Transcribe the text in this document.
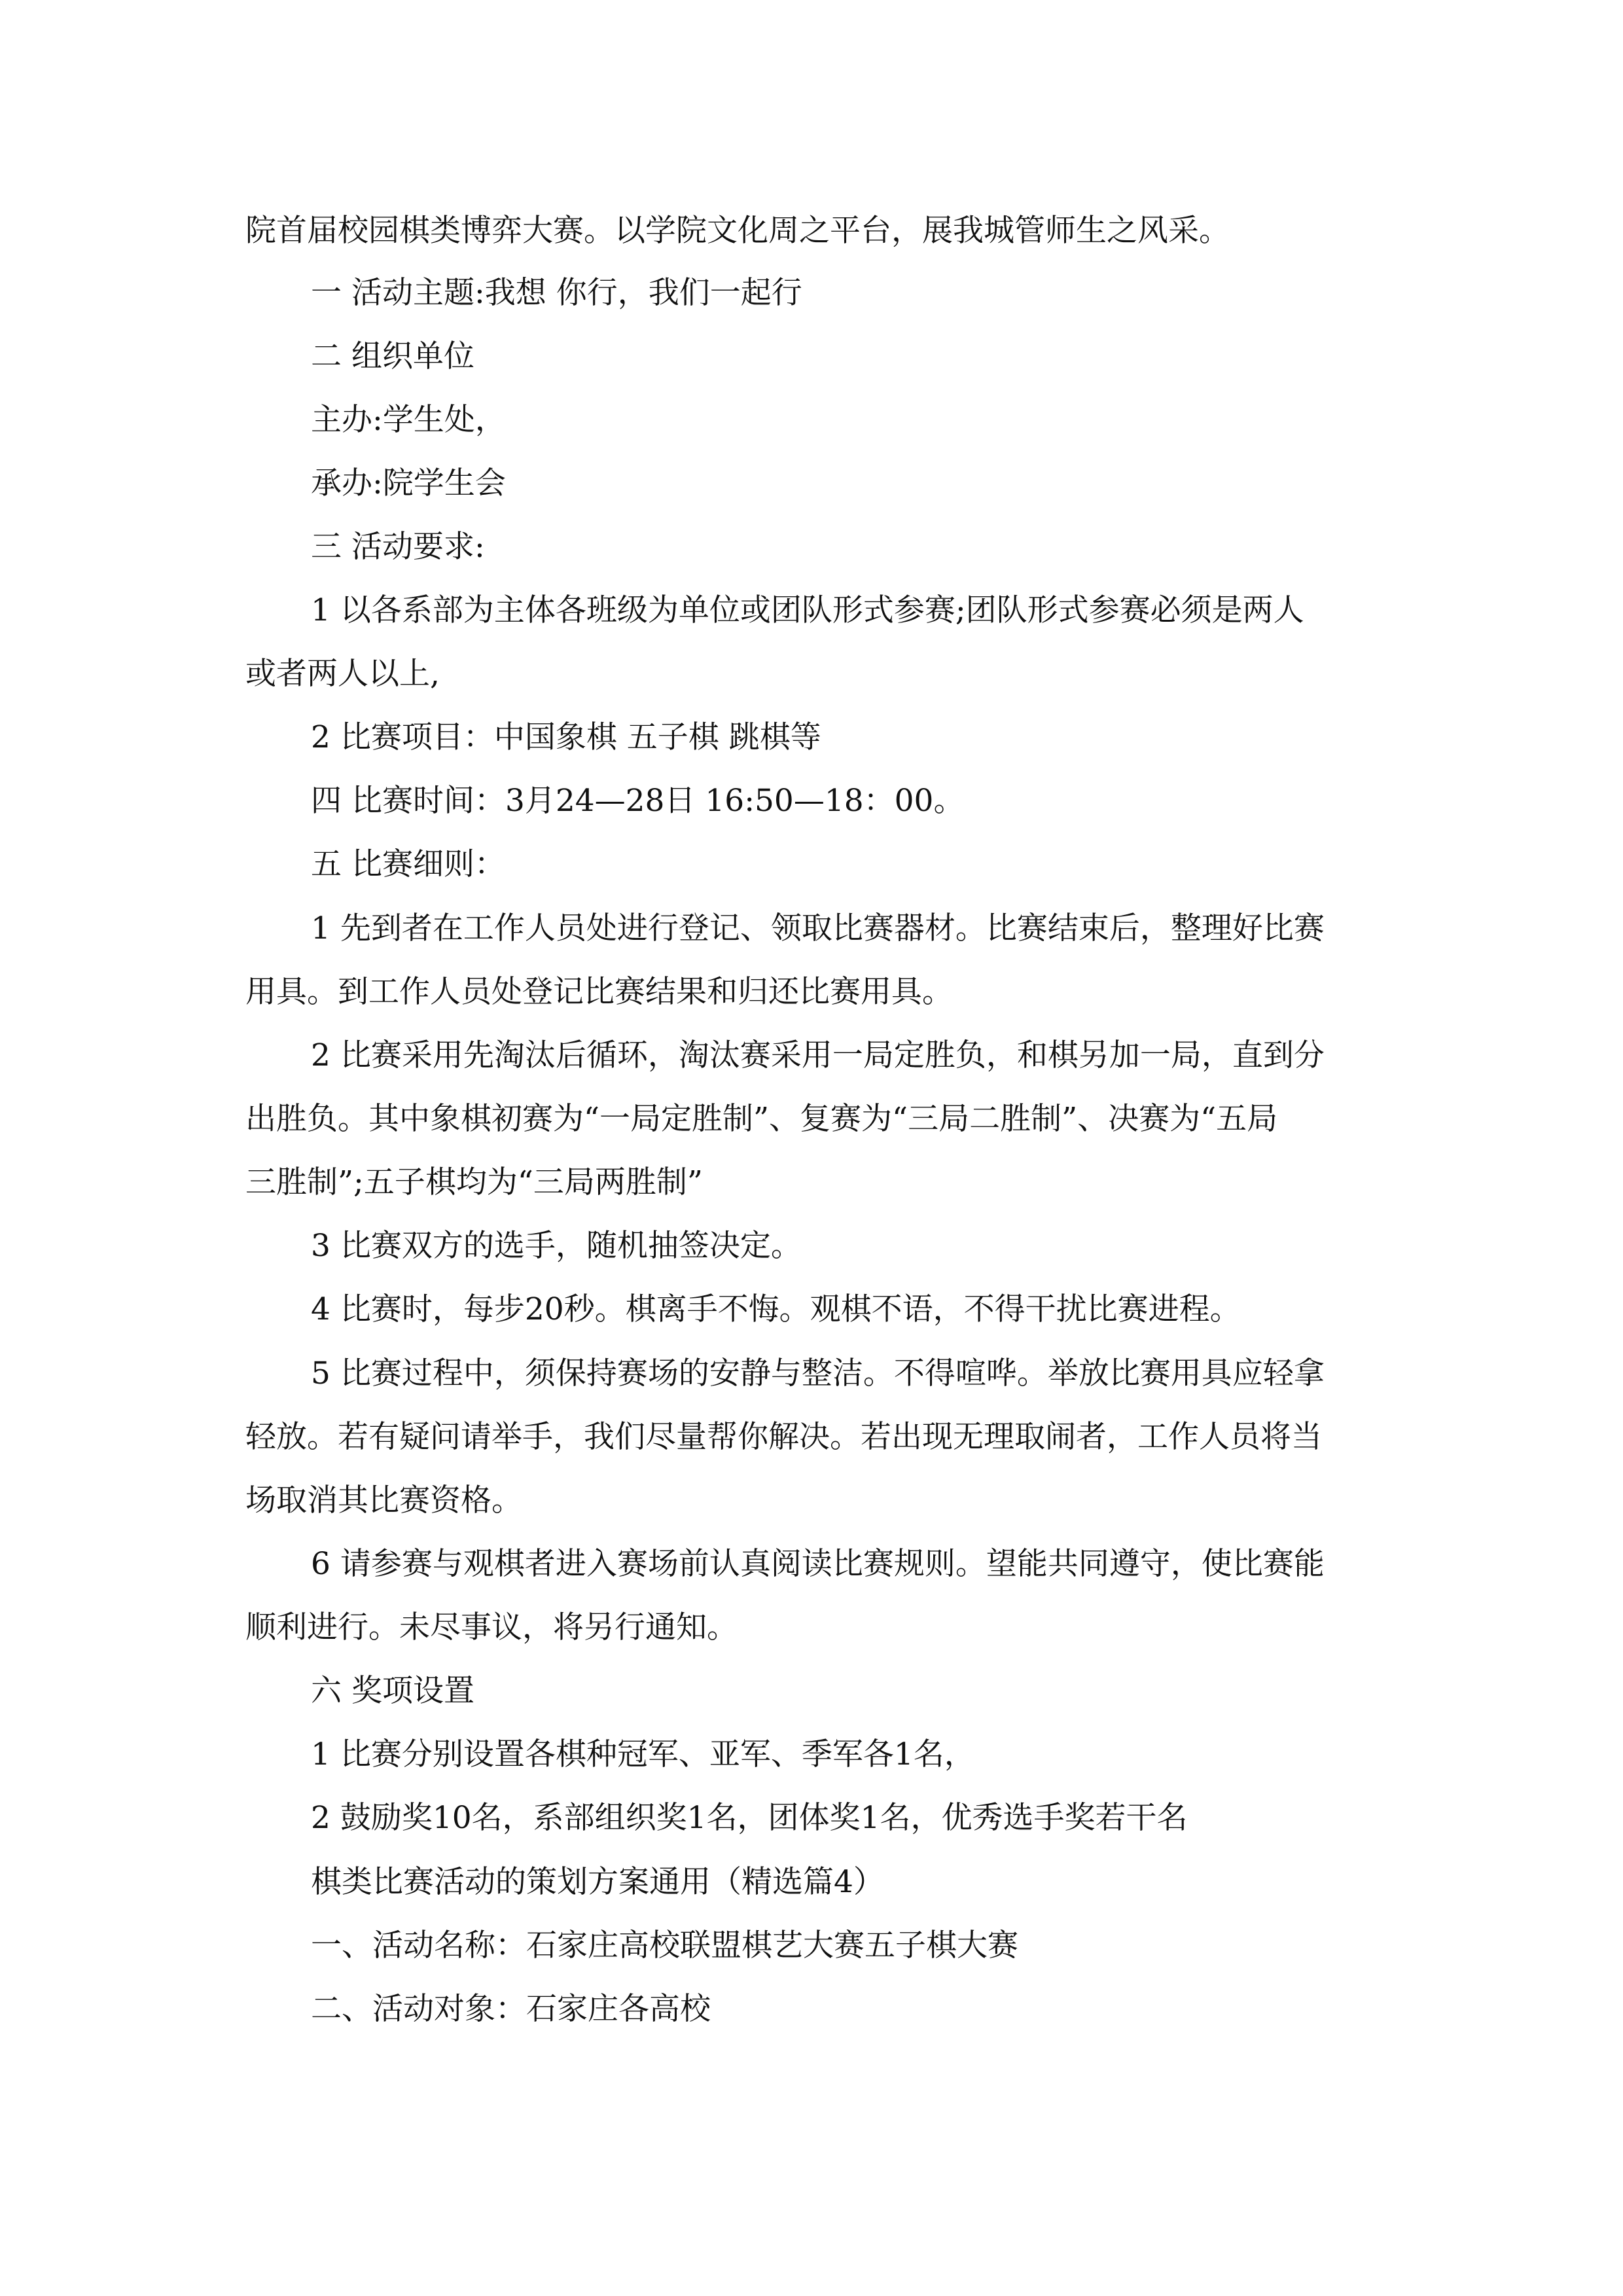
院首届校园棋类博弈大赛。以学院文化周之平台，展我城管师生之风采。
一 活动主题:我想 你行，我们一起行
二 组织单位
主办:学生处，
承办:院学生会
三 活动要求:
1 以各系部为主体各班级为单位或团队形式参赛;团队形式参赛必须是两人
或者两人以上,
2 比赛项目：中国象棋 五子棋 跳棋等
四 比赛时间：3月24—28日 16:50—18：00。
五 比赛细则：
1 先到者在工作人员处进行登记、领取比赛器材。比赛结束后，整理好比赛
用具。到工作人员处登记比赛结果和归还比赛用具。
2 比赛采用先淘汰后循环，淘汰赛采用一局定胜负，和棋另加一局，直到分
出胜负。其中象棋初赛为“一局定胜制”、复赛为“三局二胜制”、决赛为“五局
三胜制”;五子棋均为“三局两胜制”
3 比赛双方的选手，随机抽签决定。
4 比赛时，每步20秒。棋离手不悔。观棋不语，不得干扰比赛进程。
5 比赛过程中，须保持赛场的安静与整洁。不得喧哗。举放比赛用具应轻拿
轻放。若有疑问请举手，我们尽量帮你解决。若出现无理取闹者，工作人员将当
场取消其比赛资格。
6 请参赛与观棋者进入赛场前认真阅读比赛规则。望能共同遵守，使比赛能
顺利进行。未尽事议，将另行通知。
六 奖项设置
1 比赛分别设置各棋种冠军、亚军、季军各1名，
2 鼓励奖10名，系部组织奖1名，团体奖1名，优秀选手奖若干名
棋类比赛活动的策划方案通用（精选篇4）
一、活动名称：石家庄高校联盟棋艺大赛五子棋大赛
二、活动对象：石家庄各高校
